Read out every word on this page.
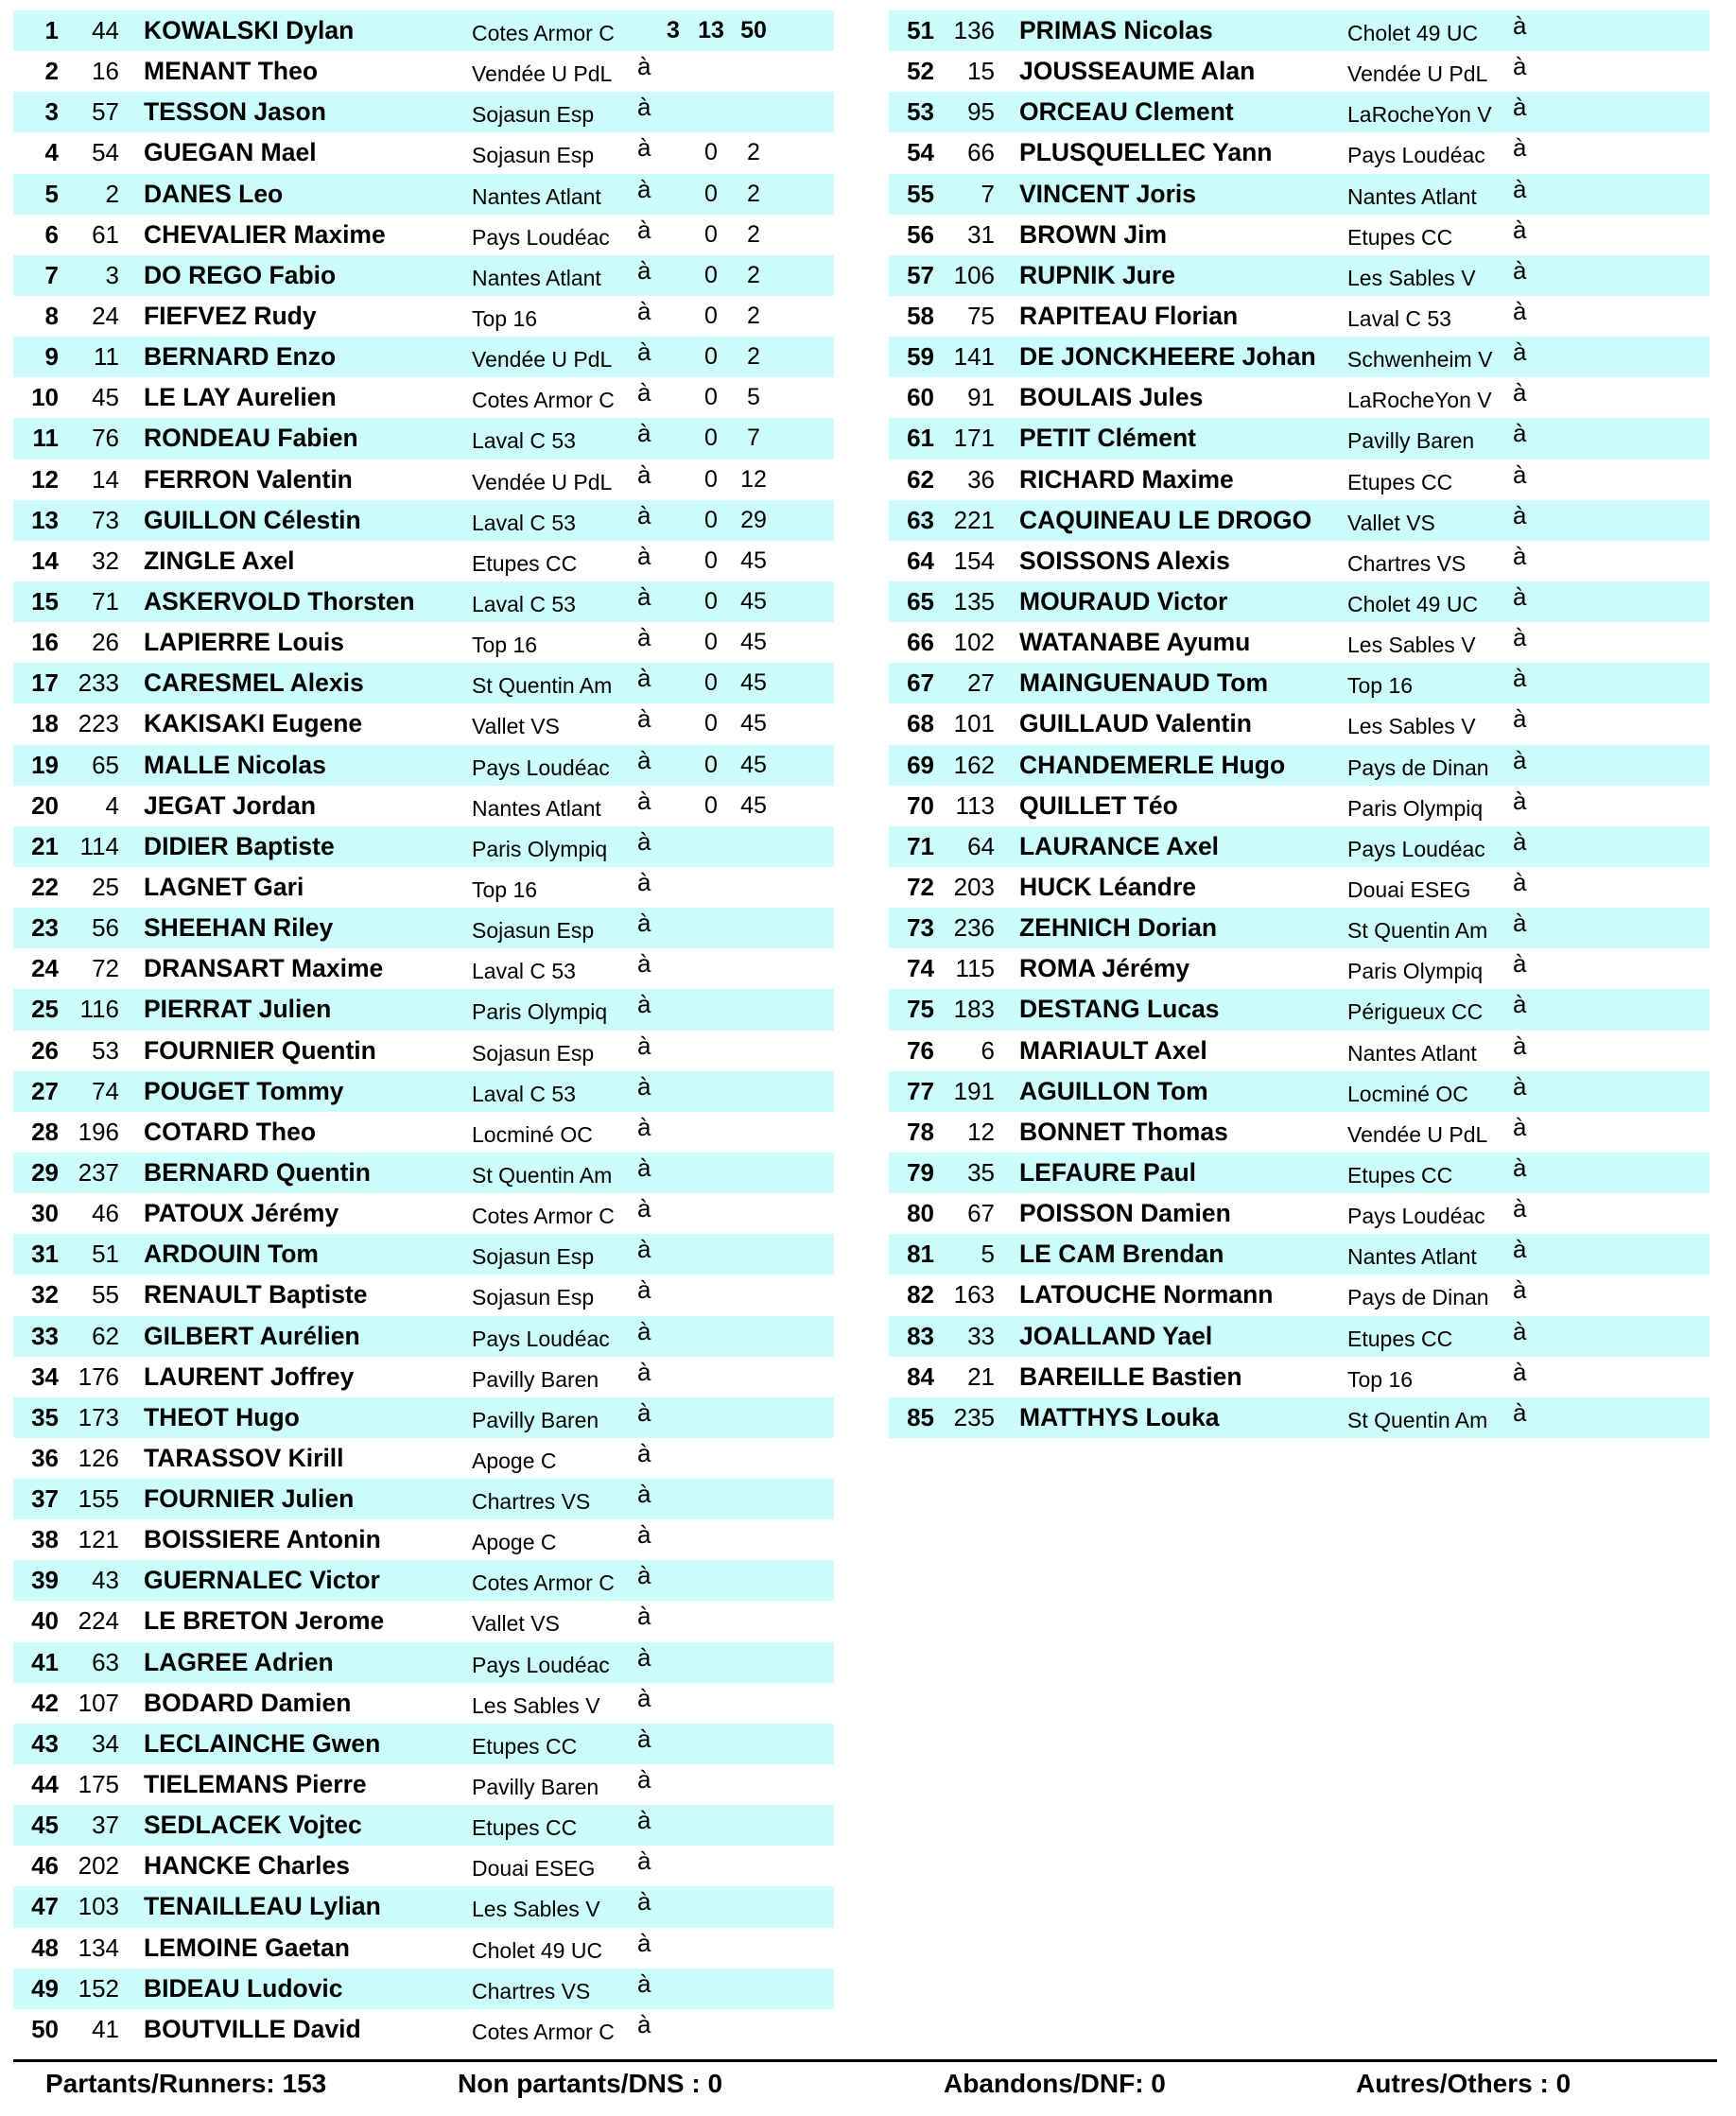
1	44 KOWALSKI Dylan	Cotes Armor C	3 13 50
2	16 MENANT Theo	Vendée U PdL à
3	57 TESSON Jason	Sojasun Esp à
4	54 GUEGAN Mael	Sojasun Esp à	0	2
5	2 DANES Leo	Nantes Atlant à	0	2
6	61 CHEVALIER Maxime	Pays Loudéac à	0	2
7	3 DO REGO Fabio	Nantes Atlant à	0	2
8	24 FIEFVEZ Rudy	Top 16	à	0	2
9	11 BERNARD Enzo	Vendée U PdL à	0	2
10	45 LE LAY Aurelien	Cotes Armor C à	0	5
11	76 RONDEAU Fabien	Laval C 53	à	0	7
12	14 FERRON Valentin	Vendée U PdL à	0 12
13	73 GUILLON Célestin	Laval C 53	à	0 29
14	32 ZINGLE Axel	Etupes CC à	0 45
15	71 ASKERVOLD Thorsten	Laval C 53	à	0 45
16	26 LAPIERRE Louis	Top 16	à	0 45
17 233 CARESMEL Alexis	St Quentin Am à	0 45
18 223 KAKISAKI Eugene	Vallet VS	à	0 45
19	65 MALLE Nicolas	Pays Loudéac à	0 45
20	4 JEGAT Jordan	Nantes Atlant à	0 45
21 114 DIDIER Baptiste	Paris Olympiq à
22	25 LAGNET Gari	Top 16	à
23	56 SHEEHAN Riley	Sojasun Esp à
24	72 DRANSART Maxime	Laval C 53	à
25 116 PIERRAT Julien	Paris Olympiq à
26	53 FOURNIER Quentin	Sojasun Esp à
27	74 POUGET Tommy	Laval C 53	à
28 196 COTARD Theo	Locminé OC à
29 237 BERNARD Quentin	St Quentin Am à
30	46 PATOUX Jérémy	Cotes Armor C à
31	51 ARDOUIN Tom	Sojasun Esp à
32	55 RENAULT Baptiste	Sojasun Esp à
33	62 GILBERT Aurélien	Pays Loudéac à
34 176 LAURENT Joffrey	Pavilly Baren à
35 173 THEOT Hugo	Pavilly Baren à
36 126 TARASSOV Kirill	Apoge C	à
37 155 FOURNIER Julien	Chartres VS à
38 121 BOISSIERE Antonin	Apoge C	à
39	43 GUERNALEC Victor	Cotes Armor C à
40 224 LE BRETON Jerome	Vallet VS	à
41	63 LAGREE Adrien	Pays Loudéac à
42 107 BODARD Damien	Les Sables V à
43	34 LECLAINCHE Gwen	Etupes CC à
44 175 TIELEMANS Pierre	Pavilly Baren à
45	37 SEDLACEK Vojtec	Etupes CC à
46 202 HANCKE Charles	Douai ESEG à
47 103 TENAILLEAU Lylian	Les Sables V à
48 134 LEMOINE Gaetan	Cholet 49 UC à
49 152 BIDEAU Ludovic	Chartres VS à
50	41 BOUTVILLE David	Cotes Armor C à
51 136 PRIMAS Nicolas	Cholet 49 UC à
52	15 JOUSSEAUME Alan	Vendée U PdL à
53	95 ORCEAU Clement	LaRocheYon V à
54	66 PLUSQUELLEC Yann	Pays Loudéac à
55	7 VINCENT Joris	Nantes Atlant à
56	31 BROWN Jim	Etupes CC à
57 106 RUPNIK Jure	Les Sables V à
58	75 RAPITEAU Florian	Laval C 53	à
59 141 DE JONCKHEERE Johan Schwenheim V à
60	91 BOULAIS Jules	LaRocheYon V à
61 171 PETIT Clément	Pavilly Baren à
62	36 RICHARD Maxime	Etupes CC à
63 221 CAQUINEAU LE DROGO Vallet VS	à
64 154 SOISSONS Alexis	Chartres VS à
65 135 MOURAUD Victor	Cholet 49 UC à
66 102 WATANABE Ayumu	Les Sables V à
67	27 MAINGUENAUD Tom	Top 16	à
68 101 GUILLAUD Valentin	Les Sables V à
69 162 CHANDEMERLE Hugo	Pays de Dinan à
70 113 QUILLET Téo	Paris Olympiq à
71	64 LAURANCE Axel	Pays Loudéac à
72 203 HUCK Léandre	Douai ESEG à
73 236 ZEHNICH Dorian	St Quentin Am à
74 115 ROMA Jérémy	Paris Olympiq à
75 183 DESTANG Lucas	Périgueux CC à
76	6 MARIAULT Axel	Nantes Atlant à
77 191 AGUILLON Tom	Locminé OC à
78	12 BONNET Thomas	Vendée U PdL à
79	35 LEFAURE Paul	Etupes CC à
80	67 POISSON Damien	Pays Loudéac à
81	5 LE CAM Brendan	Nantes Atlant à
82 163 LATOUCHE Normann	Pays de Dinan à
83	33 JOALLAND Yael	Etupes CC à
84	21 BAREILLE Bastien	Top 16	à
85 235 MATTHYS Louka	St Quentin Am à
Partants/Runners: 153	Non partants/DNS : 0	Abandons/DNF: 0	Autres/Others : 0
